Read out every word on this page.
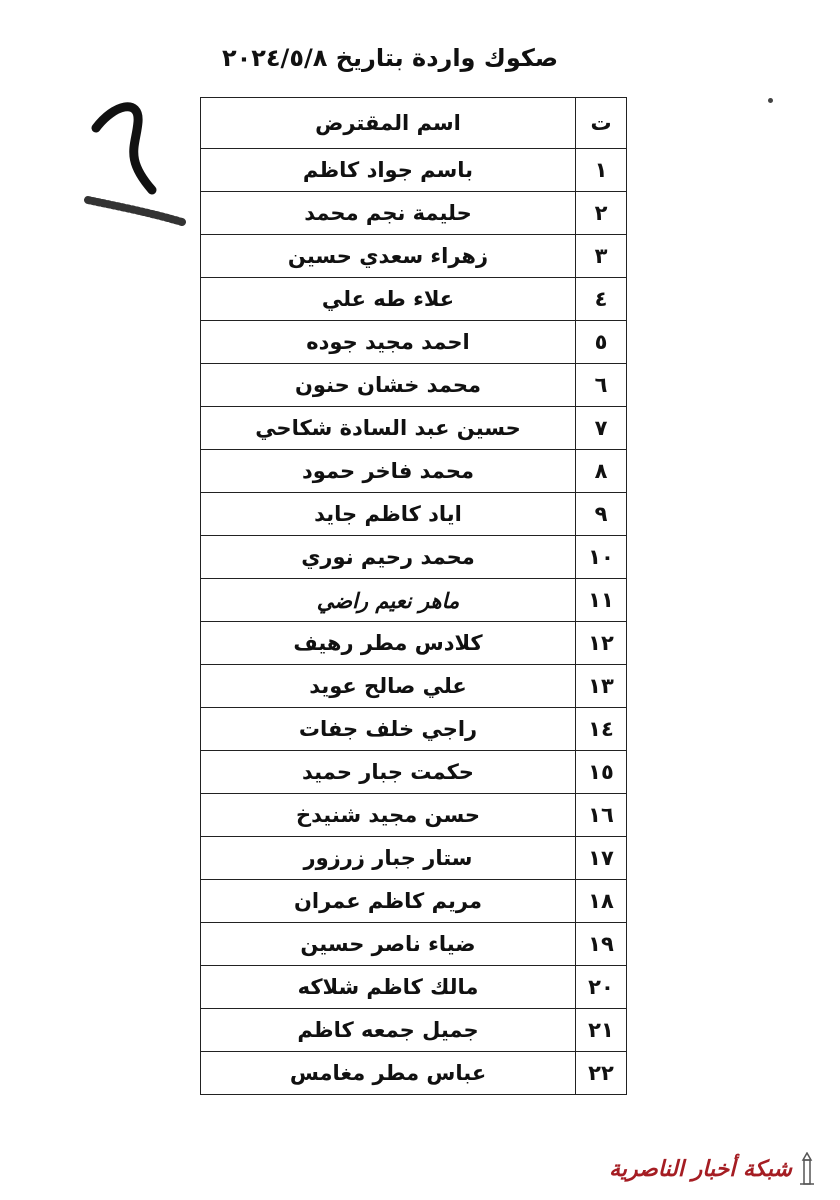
صكوك واردة بتاريخ ٢٠٢٤/٥/٨
ت	اسم المقترض
١	باسم جواد كاظم
٢	حليمة نجم محمد
٣	زهراء سعدي حسين
٤	علاء طه علي
٥	احمد مجيد جوده
٦	محمد خشان حنون
٧	حسين عبد السادة شكاحي
٨	محمد فاخر حمود
٩	اياد كاظم جايد
١٠	محمد رحيم نوري
١١	ماهر نعيم راضي
١٢	كلادس مطر رهيف
١٣	علي صالح عويد
١٤	راجي خلف جفات
١٥	حكمت جبار حميد
١٦	حسن مجيد شنيدخ
١٧	ستار جبار زرزور
١٨	مريم كاظم عمران
١٩	ضياء ناصر حسين
٢٠	مالك كاظم شلاكه
٢١	جميل جمعه كاظم
٢٢	عباس مطر مغامس
شبكة أخبار الناصرية
